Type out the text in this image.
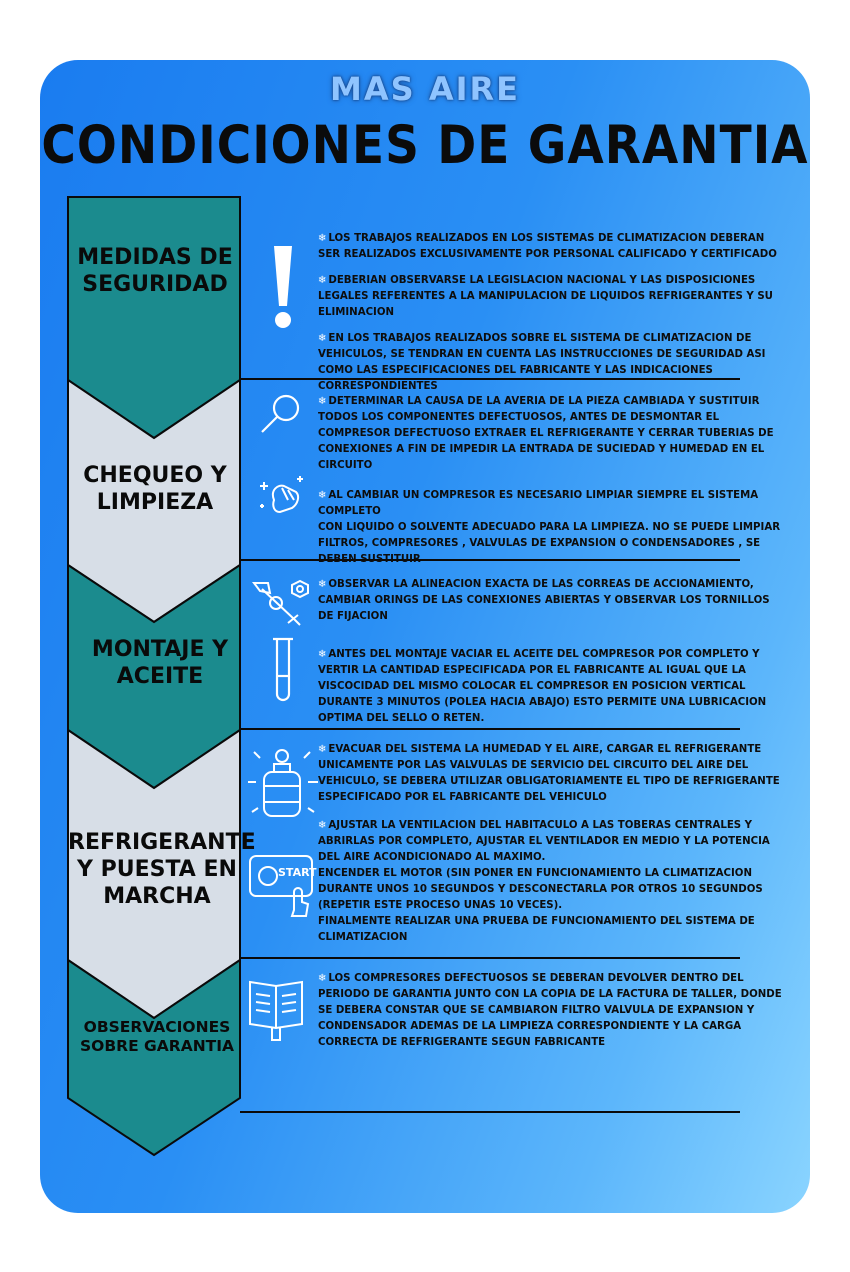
MAS AIRE
CONDICIONES DE GARANTIA
MEDIDAS DE SEGURIDAD
CHEQUEO Y LIMPIEZA
MONTAJE Y ACEITE
REFRIGERANTE Y PUESTA EN MARCHA
OBSERVACIONES SOBRE GARANTIA
START

❄ LOS TRABAJOS REALIZADOS EN LOS SISTEMAS DE CLIMATIZACION DEBERAN SER REALIZADOS EXCLUSIVAMENTE POR PERSONAL CALIFICADO Y CERTIFICADO

❄ DEBERIAN OBSERVARSE LA LEGISLACION NACIONAL Y LAS DISPOSICIONES LEGALES REFERENTES A LA MANIPULACION DE LIQUIDOS REFRIGERANTES Y SU ELIMINACION

❄ EN LOS TRABAJOS REALIZADOS SOBRE EL SISTEMA DE CLIMATIZACION DE VEHICULOS, SE TENDRAN EN CUENTA LAS INSTRUCCIONES DE SEGURIDAD ASI COMO LAS ESPECIFICACIONES DEL FABRICANTE Y LAS INDICACIONES CORRESPONDIENTES

❄ DETERMINAR LA CAUSA DE LA AVERIA DE LA PIEZA CAMBIADA Y SUSTITUIR TODOS LOS COMPONENTES DEFECTUOSOS, ANTES DE DESMONTAR EL COMPRESOR DEFECTUOSO EXTRAER EL REFRIGERANTE Y CERRAR TUBERIAS DE CONEXIONES A FIN DE IMPEDIR LA ENTRADA DE SUCIEDAD Y HUMEDAD EN EL CIRCUITO

❄ AL CAMBIAR UN COMPRESOR ES NECESARIO LIMPIAR SIEMPRE EL SISTEMA COMPLETO
CON LIQUIDO O SOLVENTE ADECUADO PARA LA LIMPIEZA. NO SE PUEDE LIMPIAR FILTROS, COMPRESORES , VALVULAS DE EXPANSION O CONDENSADORES , SE DEBEN SUSTITUIR

❄ OBSERVAR LA ALINEACION EXACTA DE LAS CORREAS DE ACCIONAMIENTO, CAMBIAR ORINGS DE LAS CONEXIONES ABIERTAS Y OBSERVAR LOS TORNILLOS DE FIJACION

❄ ANTES DEL MONTAJE VACIAR EL ACEITE DEL COMPRESOR POR COMPLETO Y VERTIR LA CANTIDAD ESPECIFICADA POR EL FABRICANTE AL IGUAL QUE LA VISCOCIDAD DEL MISMO COLOCAR EL COMPRESOR EN POSICION VERTICAL DURANTE 3 MINUTOS (POLEA HACIA ABAJO) ESTO PERMITE UNA LUBRICACION OPTIMA DEL SELLO O RETEN.

❄ EVACUAR DEL SISTEMA LA HUMEDAD Y EL AIRE, CARGAR EL REFRIGERANTE UNICAMENTE POR LAS VALVULAS DE SERVICIO DEL CIRCUITO DEL AIRE DEL VEHICULO, SE DEBERA UTILIZAR OBLIGATORIAMENTE EL TIPO DE REFRIGERANTE ESPECIFICADO POR EL FABRICANTE DEL VEHICULO

❄ AJUSTAR LA VENTILACION DEL HABITACULO A LAS TOBERAS CENTRALES Y ABRIRLAS POR COMPLETO, AJUSTAR EL VENTILADOR EN MEDIO Y LA POTENCIA DEL AIRE ACONDICIONADO AL MAXIMO.
ENCENDER EL MOTOR (SIN PONER EN FUNCIONAMIENTO LA CLIMATIZACION DURANTE UNOS 10 SEGUNDOS Y DESCONECTARLA POR OTROS 10 SEGUNDOS (REPETIR ESTE PROCESO UNAS 10 VECES).
FINALMENTE REALIZAR UNA PRUEBA DE FUNCIONAMIENTO DEL SISTEMA DE CLIMATIZACION

❄ LOS COMPRESORES DEFECTUOSOS SE DEBERAN DEVOLVER DENTRO DEL PERIODO DE GARANTIA JUNTO CON LA COPIA DE LA FACTURA DE TALLER, DONDE SE DEBERA CONSTAR QUE SE CAMBIARON FILTRO VALVULA DE EXPANSION Y CONDENSADOR ADEMAS DE LA LIMPIEZA CORRESPONDIENTE Y LA CARGA CORRECTA DE REFRIGERANTE SEGUN FABRICANTE
